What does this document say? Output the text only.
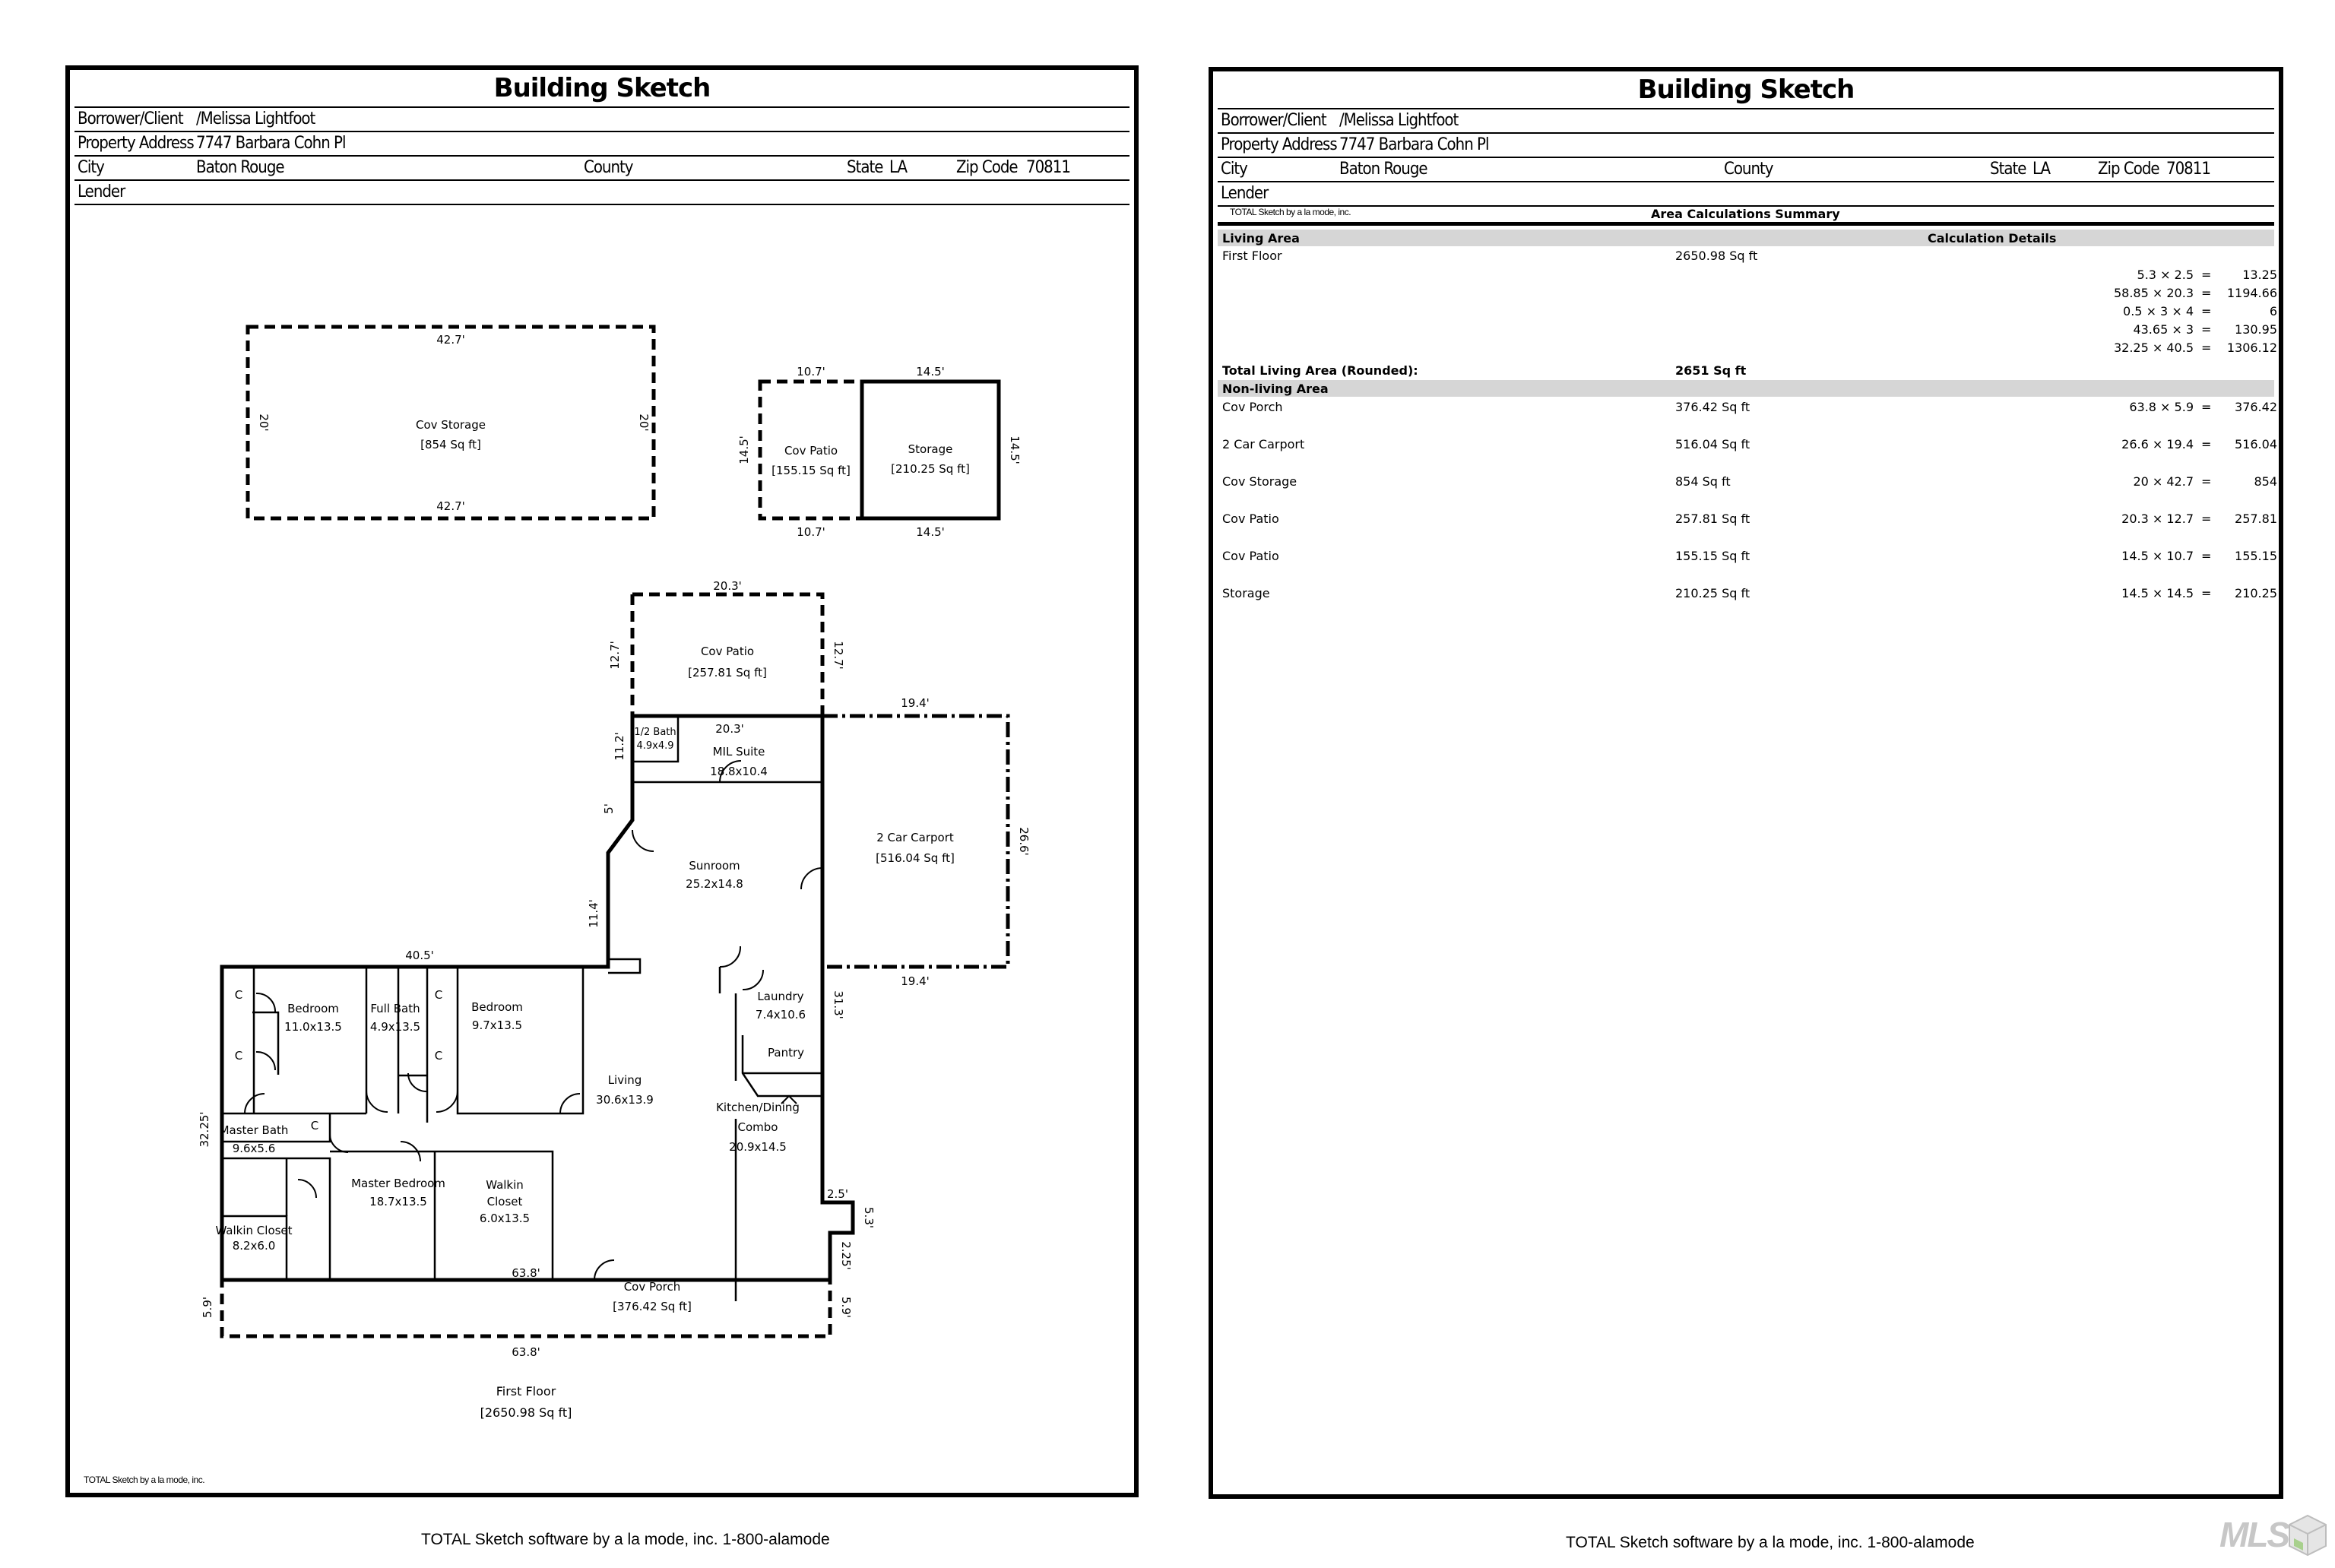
Building Sketch
Borrower/Client /Melissa Lightfoot
Property Address 7747 Barbara Cohn Pl
City	Baton Rouge	County	State LA	Zip Code 70811
Lender
42.7'
42.7'
20'	20'
Cov Storage
[854 Sq ft]
10.7'	14.5'
10.7'	14.5'
14.5'	14.5'
Cov Patio
[155.15 Sq ft]
Storage
[210.25 Sq ft]
20.3'
12.7'	12.7'
Cov Patio
[257.81 Sq ft]
19.4'
19.4'
26.6'
2 Car Carport
[516.04 Sq ft]
1/2 Bath
4.9x4.9
20.3'
MIL Suite
18.8x10.4
Sunroom
25.2x14.8
Bedroom
11.0x13.5
Full Bath
4.9x13.5
Bedroom
9.7x13.5
Laundry
7.4x10.6
Pantry
Living
30.6x13.9
Kitchen/Dining
Combo
20.9x14.5
Master Bath
9.6x5.6
Master Bedroom
18.7x13.5
Walkin
Closet
6.0x13.5
Walkin Closet
8.2x6.0
C
C
C
C
C
63.8'
63.8'
5.9'	5.9'
Cov Porch
[376.42 Sq ft]
40.5'
32.25'
11.4'
11.2'
5'
31.3'
2.5'
5.3'
2.25'
First Floor
[2650.98 Sq ft]
TOTAL Sketch by a la mode, inc.
TOTAL Sketch software by a la mode, inc. 1-800-alamode
Building Sketch
Borrower/Client /Melissa Lightfoot
Property Address 7747 Barbara Cohn Pl
City	Baton Rouge	County	State LA	Zip Code 70811
Lender
TOTAL Sketch by a la mode, inc.	Area Calculations Summary
Living Area	Calculation Details
First Floor	2650.98 Sq ft
5.3 × 2.5 =	13.25
58.85 × 20.3 =	1194.66
0.5 × 3 × 4 =	6
43.65 × 3 =	130.95
32.25 × 40.5 =	1306.12
Total Living Area (Rounded):	2651 Sq ft
Non-living Area
Cov Porch	376.42 Sq ft	63.8 × 5.9 =	376.42
2 Car Carport	516.04 Sq ft	26.6 × 19.4 =	516.04
Cov Storage	854 Sq ft	20 × 42.7 =	854
Cov Patio	257.81 Sq ft	20.3 × 12.7 =	257.81
Cov Patio	155.15 Sq ft	14.5 × 10.7 =	155.15
Storage	210.25 Sq ft	14.5 × 14.5 =	210.25
TOTAL Sketch software by a la mode, inc. 1-800-alamode	MLS
